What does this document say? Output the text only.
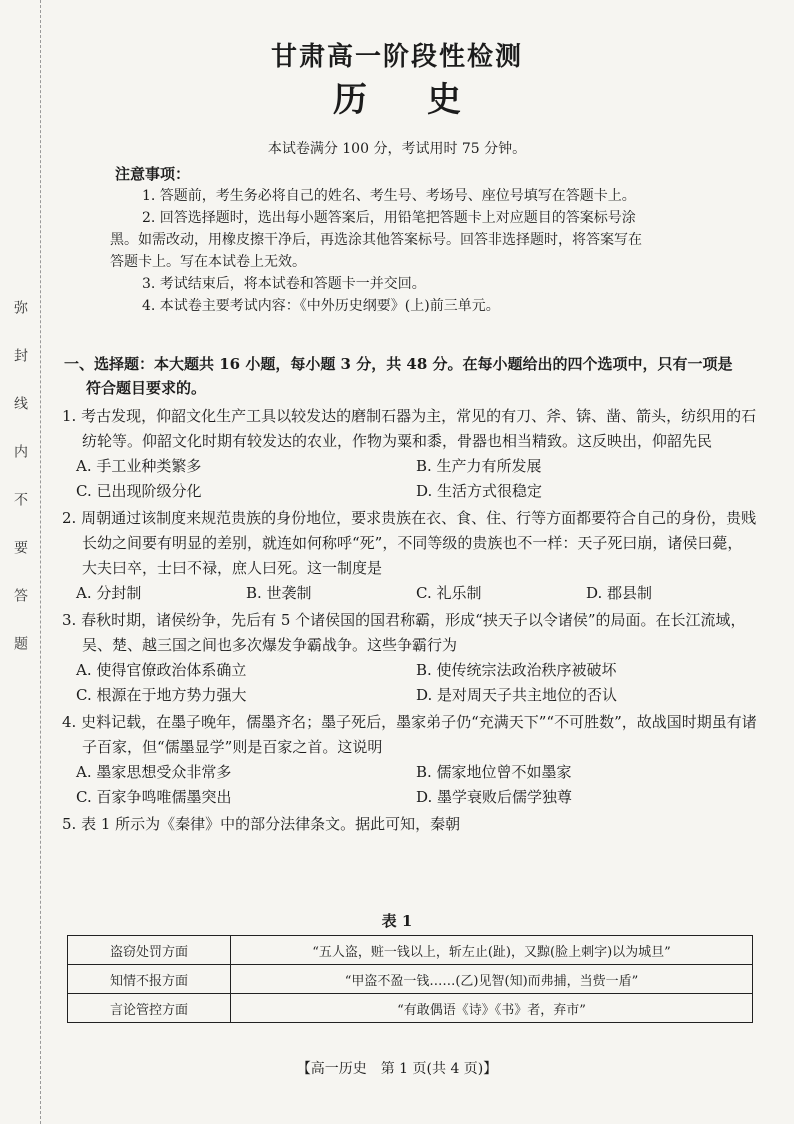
弥封线内不要答题
甘肃高一阶段性检测
历史
本试卷满分 100 分，考试用时 75 分钟。
注意事项：

1. 答题前，考生务必将自己的姓名、考生号、考场号、座位号填写在答题卡上。

2. 回答选择题时，选出每小题答案后，用铅笔把答题卡上对应题目的答案标号涂

黑。如需改动，用橡皮擦干净后，再选涂其他答案标号。回答非选择题时，将答案写在

答题卡上。写在本试卷上无效。

3. 考试结束后，将本试卷和答题卡一并交回。

4. 本试卷主要考试内容：《中外历史纲要》(上)前三单元。

一、选择题：本大题共 16 小题，每小题 3 分，共 48 分。在每小题给出的四个选项中，只有一项是
符合题目要求的。
1. 考古发现，仰韶文化生产工具以较发达的磨制石器为主，常见的有刀、斧、锛、凿、箭头，纺织用的石纺轮等。仰韶文化时期有较发达的农业，作物为粟和黍，骨器也相当精致。这反映出，仰韶先民
A. 手工业种类繁多	B. 生产力有所发展
C. 已出现阶级分化	D. 生活方式很稳定
2. 周朝通过该制度来规范贵族的身份地位，要求贵族在衣、食、住、行等方面都要符合自己的身份，贵贱长幼之间要有明显的差别，就连如何称呼“死”，不同等级的贵族也不一样：天子死曰崩，诸侯曰薨，大夫曰卒，士曰不禄，庶人曰死。这一制度是
A. 分封制	B. 世袭制	C. 礼乐制	D. 郡县制
3. 春秋时期，诸侯纷争，先后有 5 个诸侯国的国君称霸，形成“挟天子以令诸侯”的局面。在长江流域，吴、楚、越三国之间也多次爆发争霸战争。这些争霸行为
A. 使得官僚政治体系确立	B. 使传统宗法政治秩序被破坏
C. 根源在于地方势力强大	D. 是对周天子共主地位的否认
4. 史料记载，在墨子晚年，儒墨齐名；墨子死后，墨家弟子仍“充满天下”“不可胜数”，故战国时期虽有诸子百家，但“儒墨显学”则是百家之首。这说明
A. 墨家思想受众非常多	B. 儒家地位曾不如墨家
C. 百家争鸣唯儒墨突出	D. 墨学衰败后儒学独尊
5. 表 1 所示为《秦律》中的部分法律条文。据此可知，秦朝
表 1
盗窃处罚方面	“五人盗，赃一钱以上，斩左止(趾)，又黥(脸上刺字)以为城旦”
知情不报方面	“甲盗不盈一钱……(乙)见智(知)而弗捕，当赀一盾”
言论管控方面	“有敢偶语《诗》《书》者，弃市”
【高一历史　第 1 页(共 4 页)】
